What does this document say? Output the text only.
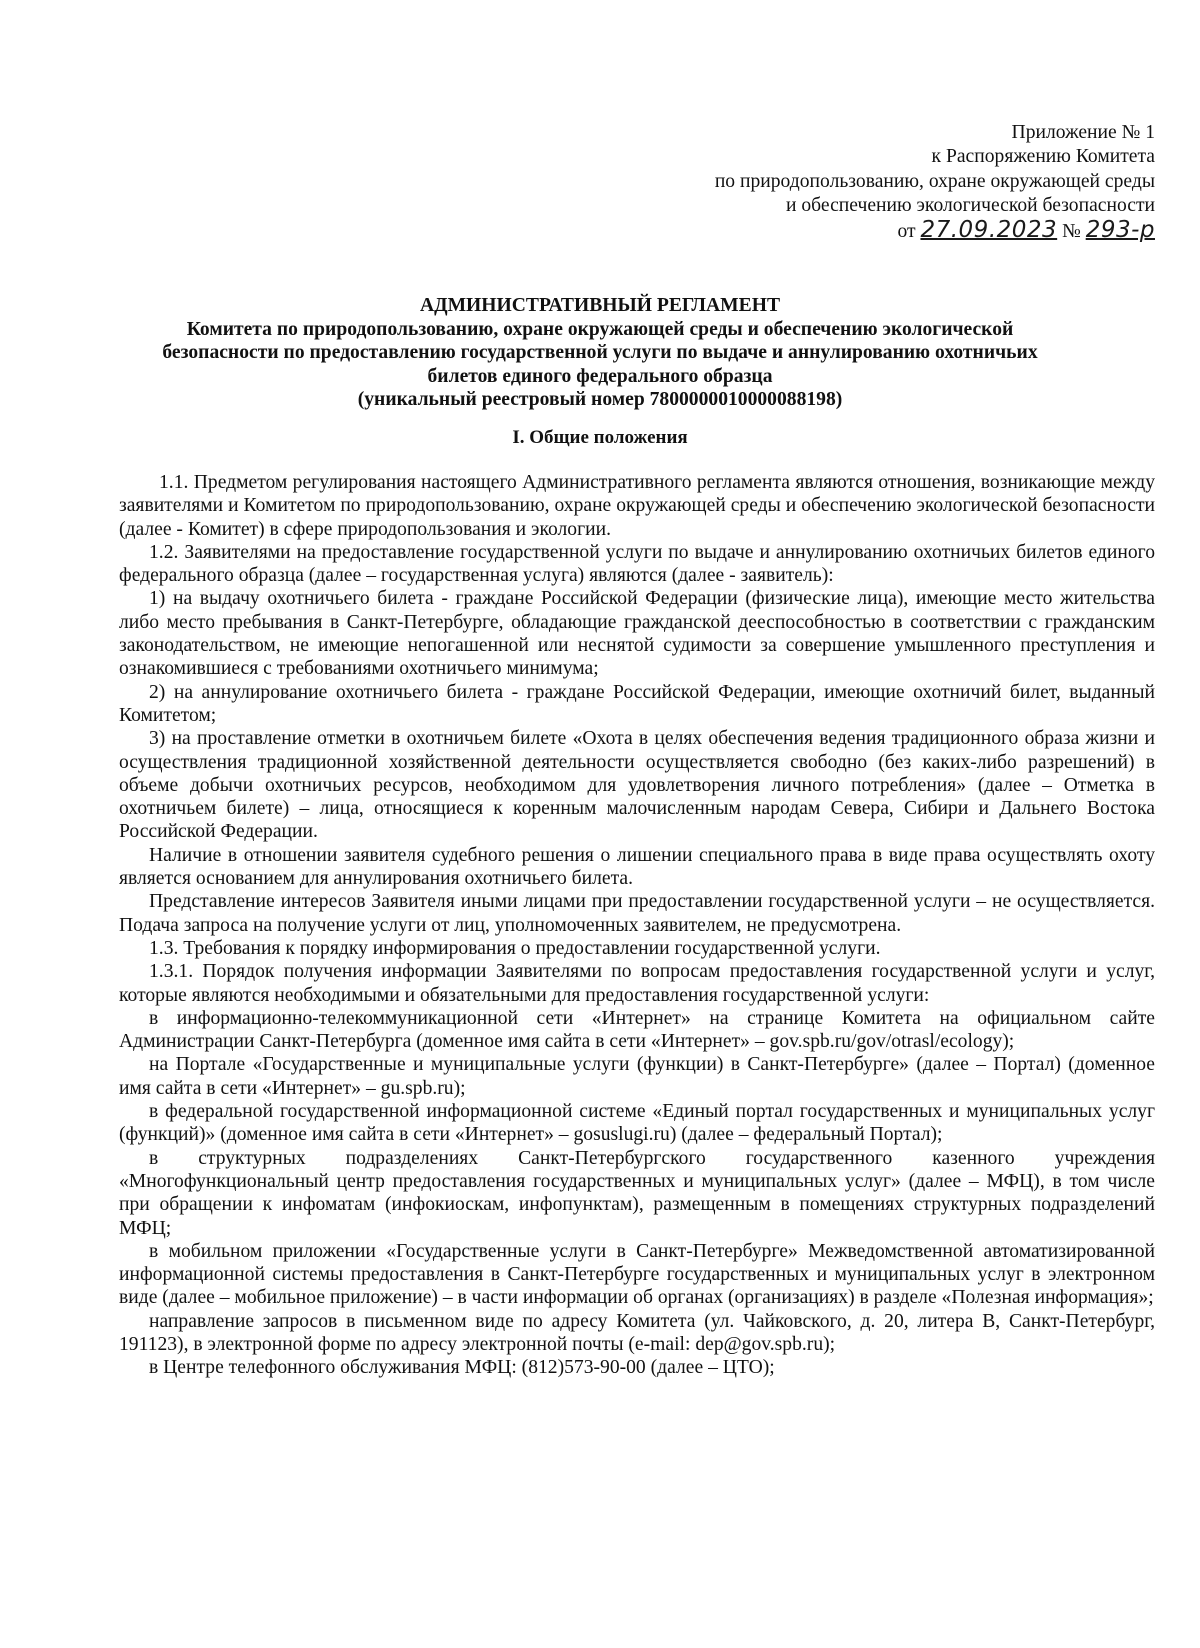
Приложение № 1
к Распоряжению Комитета
по природопользованию, охране окружающей среды
и обеспечению экологической безопасности
от 27.09.2023 № 293-р
АДМИНИСТРАТИВНЫЙ РЕГЛАМЕНТ
Комитета по природопользованию, охране окружающей среды и обеспечению экологической
безопасности по предоставлению государственной услуги по выдаче и аннулированию охотничьих
билетов единого федерального образца
(уникальный реестровый номер 7800000010000088198)
I. Общие положения

1.1. Предметом регулирования настоящего Административного регламента являются отношения, возникающие между заявителями и Комитетом по природопользованию, охране окружающей среды и обеспечению экологической безопасности (далее - Комитет) в сфере природопользования и экологии.

1.2. Заявителями на предоставление государственной услуги по выдаче и аннулированию охотничьих билетов единого федерального образца (далее – государственная услуга) являются (далее - заявитель):

1) на выдачу охотничьего билета - граждане Российской Федерации (физические лица), имеющие место жительства либо место пребывания в Санкт-Петербурге, обладающие гражданской дееспособностью в соответствии с гражданским законодательством, не имеющие непогашенной или неснятой судимости за совершение умышленного преступления и ознакомившиеся с требованиями охотничьего минимума;

2) на аннулирование охотничьего билета - граждане Российской Федерации, имеющие охотничий билет, выданный Комитетом;

3) на проставление отметки в охотничьем билете «Охота в целях обеспечения ведения традиционного образа жизни и осуществления традиционной хозяйственной деятельности осуществляется свободно (без каких-либо разрешений) в объеме добычи охотничьих ресурсов, необходимом для удовлетворения личного потребления» (далее – Отметка в охотничьем билете) – лица, относящиеся к коренным малочисленным народам Севера, Сибири и Дальнего Востока Российской Федерации.

Наличие в отношении заявителя судебного решения о лишении специального права в виде права осуществлять охоту является основанием для аннулирования охотничьего билета.

Представление интересов Заявителя иными лицами при предоставлении государственной услуги – не осуществляется. Подача запроса на получение услуги от лиц, уполномоченных заявителем, не предусмотрена.

1.3. Требования к порядку информирования о предоставлении государственной услуги.

1.3.1. Порядок получения информации Заявителями по вопросам предоставления государственной услуги и услуг, которые являются необходимыми и обязательными для предоставления государственной услуги:

в информационно-телекоммуникационной сети «Интернет» на странице Комитета на официальном сайте Администрации Санкт-Петербурга (доменное имя сайта в сети «Интернет» – gov.spb.ru/gov/otrasl/ecology);

на Портале «Государственные и муниципальные услуги (функции) в Санкт-Петербурге» (далее – Портал) (доменное имя сайта в сети «Интернет» – gu.spb.ru);

в федеральной государственной информационной системе «Единый портал государственных и муниципальных услуг (функций)» (доменное имя сайта в сети «Интернет» – gosuslugi.ru) (далее – федеральный Портал);

в структурных подразделениях Санкт-Петербургского государственного казенного учреждения «Многофункциональный центр предоставления государственных и муниципальных услуг» (далее – МФЦ), в том числе при обращении к инфоматам (инфокиоскам, инфопунктам), размещенным в помещениях структурных подразделений МФЦ;

в мобильном приложении «Государственные услуги в Санкт-Петербурге» Межведомственной автоматизированной информационной системы предоставления в Санкт-Петербурге государственных и муниципальных услуг в электронном виде (далее – мобильное приложение) – в части информации об органах (организациях) в разделе «Полезная информация»;

направление запросов в письменном виде по адресу Комитета (ул. Чайковского, д. 20, литера В, Санкт-Петербург, 191123), в электронной форме по адресу электронной почты (e-mail: dep@gov.spb.ru);

в Центре телефонного обслуживания МФЦ: (812)573-90-00 (далее – ЦТО);
